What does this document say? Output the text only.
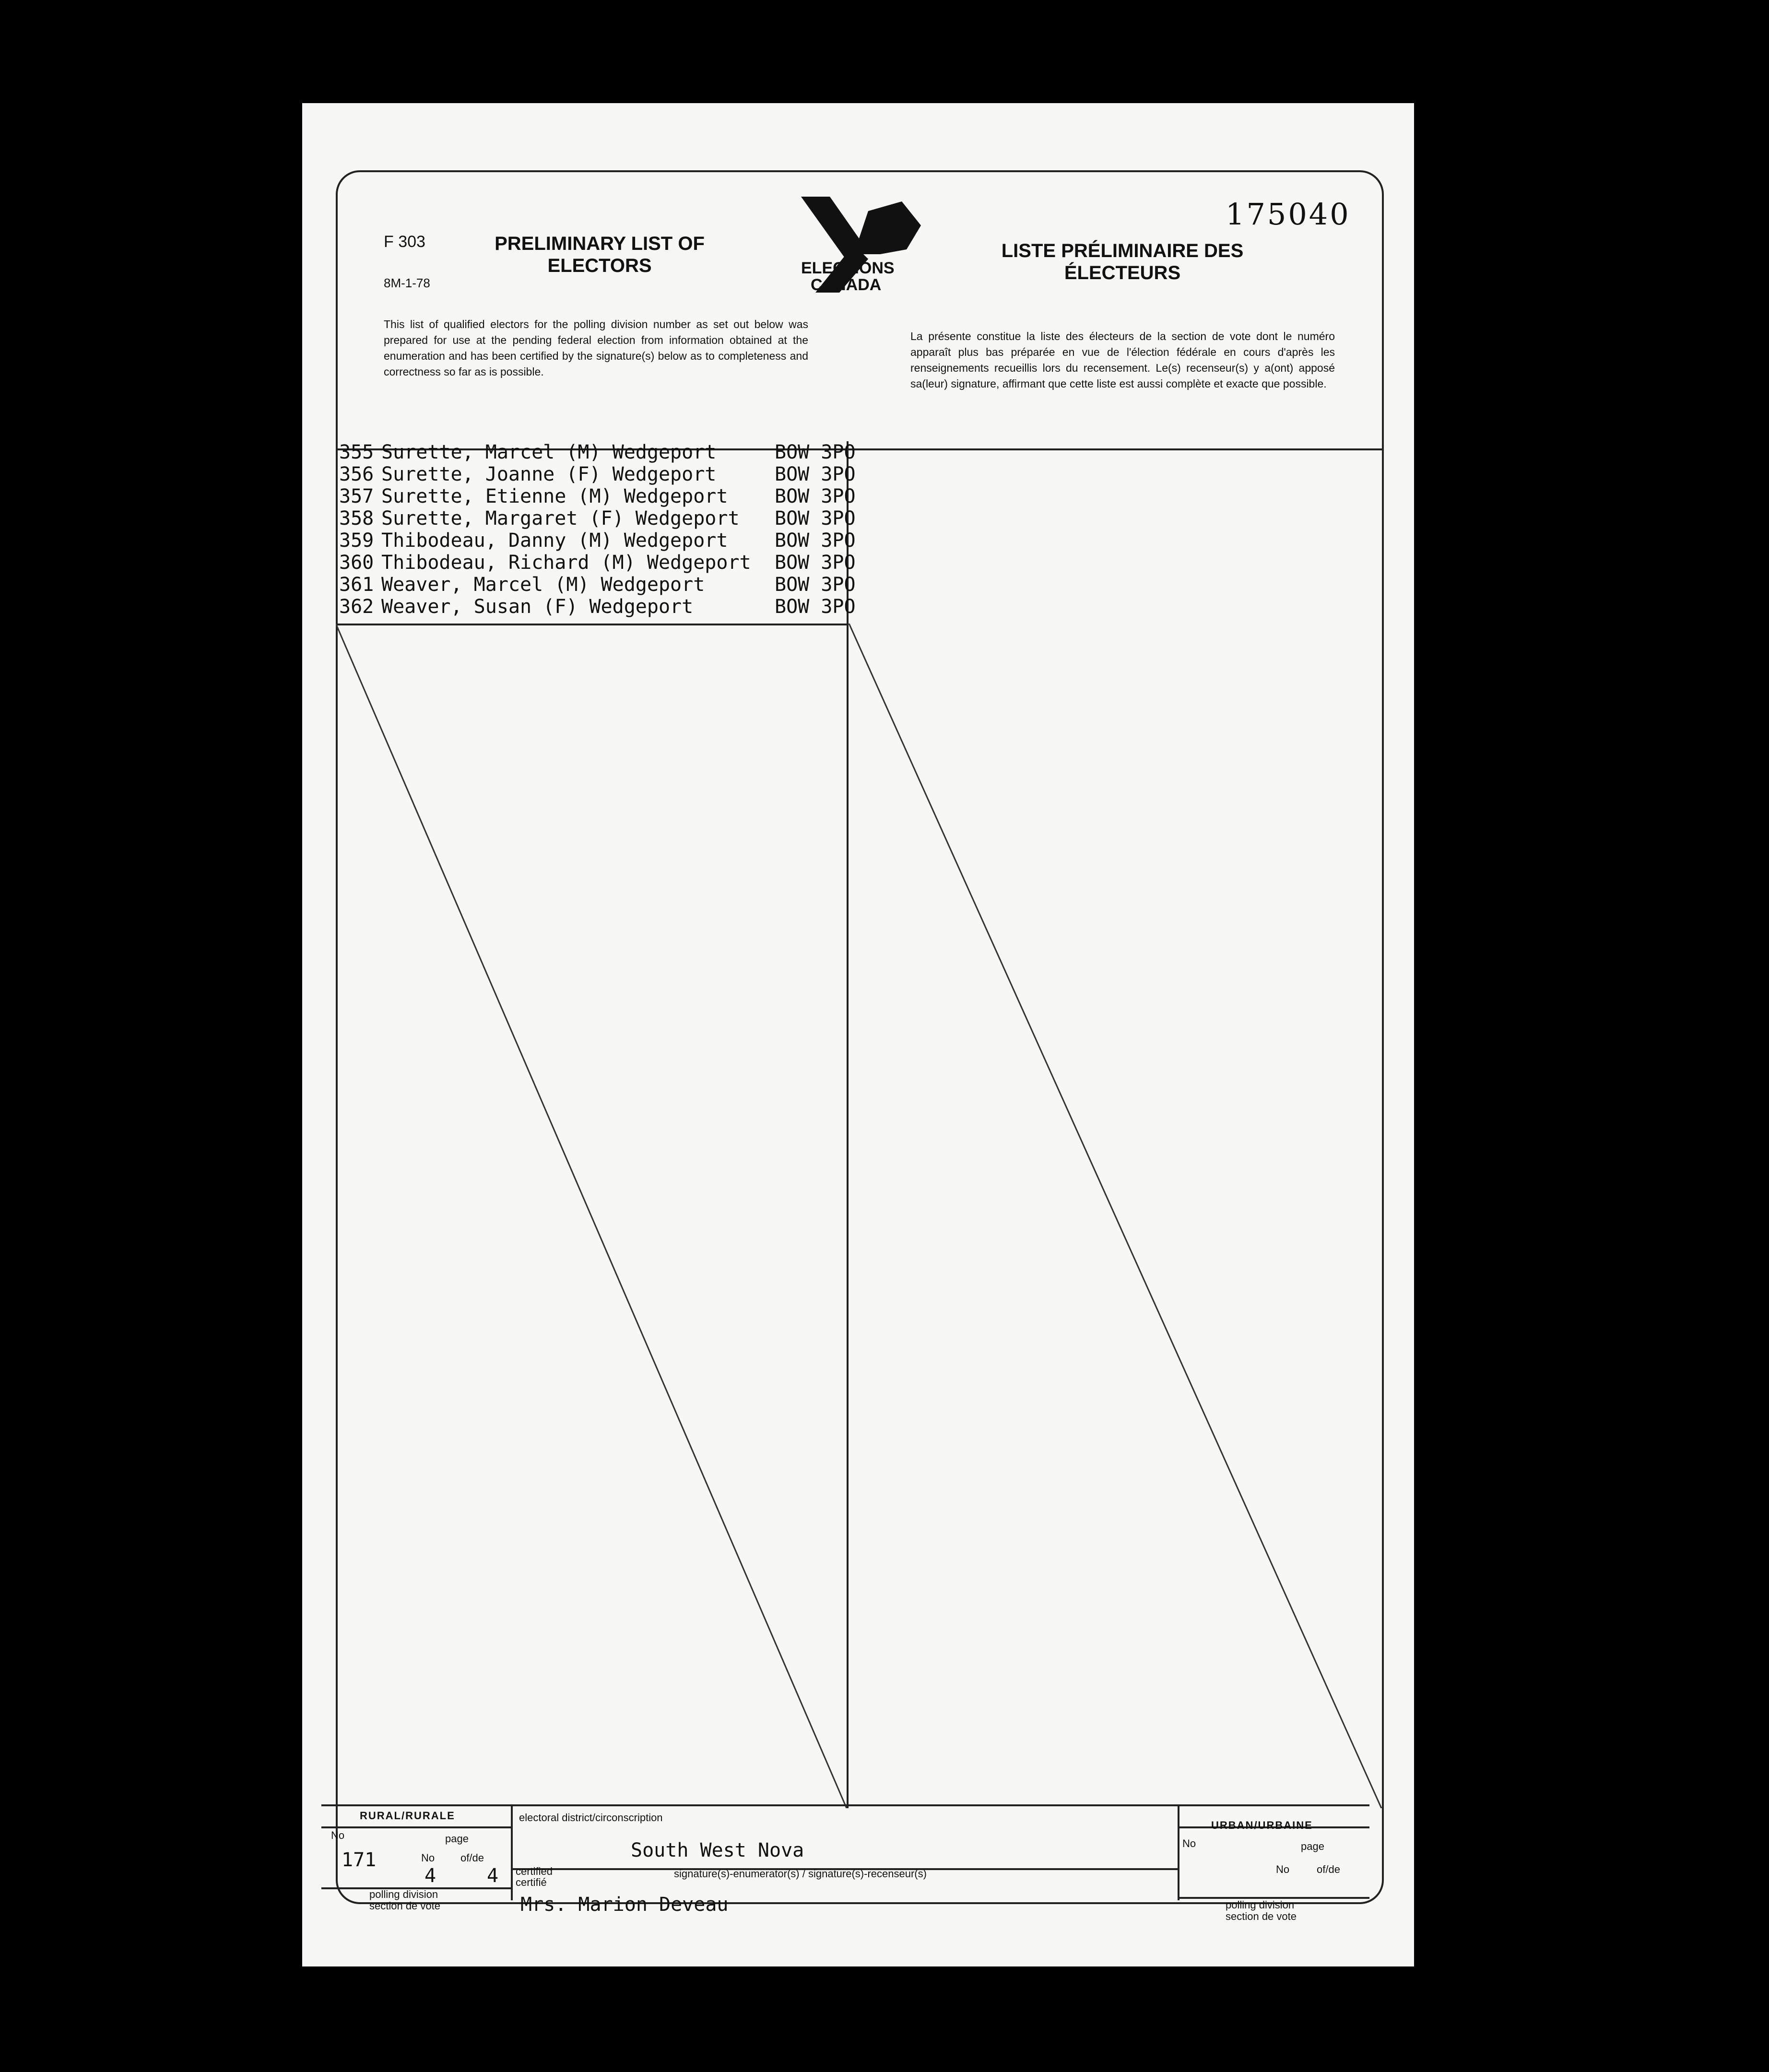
F 303
8M-1-78
PRELIMINARY LIST OF ELECTORS	ELECTIONS
CANADA
LISTE PRÉLIMINAIRE DES ÉLECTEURS
175040
This list of qualified electors for the polling division number as set out below was prepared for use at the pending federal election from information obtained at the enumeration and has been certified by the signature(s) below as to completeness and correctness so far as is possible.
La présente constitue la liste des électeurs de la section de vote dont le numéro apparaît plus bas préparée en vue de l'élection fédérale en cours d'après les renseignements recueillis lors du recensement. Le(s) recenseur(s) y a(ont) apposé sa(leur) signature, affirmant que cette liste est aussi complète et exacte que possible.
355 Surette, Marcel (M) Wedgeport	BOW 3PO
356 Surette, Joanne (F) Wedgeport	BOW 3PO
357 Surette, Etienne (M) Wedgeport	BOW 3PO
358 Surette, Margaret (F) Wedgeport	BOW 3PO
359 Thibodeau, Danny (M) Wedgeport	BOW 3PO
360 Thibodeau, Richard (M) Wedgeport	BOW 3PO
361 Weaver, Marcel (M) Wedgeport	BOW 3PO
362 Weaver, Susan (F) Wedgeport	BOW 3PO
RURAL/RURALE
No	page
No of/de
171
4	4
polling division
section de vote
electoral district/circonscription
South West Nova
certified
certifié
signature(s)-enumerator(s) / signature(s)-recenseur(s)
Mrs. Marion Deveau
URBAN/URBAINE
No	page
No	of/de
polling division
section de vote
